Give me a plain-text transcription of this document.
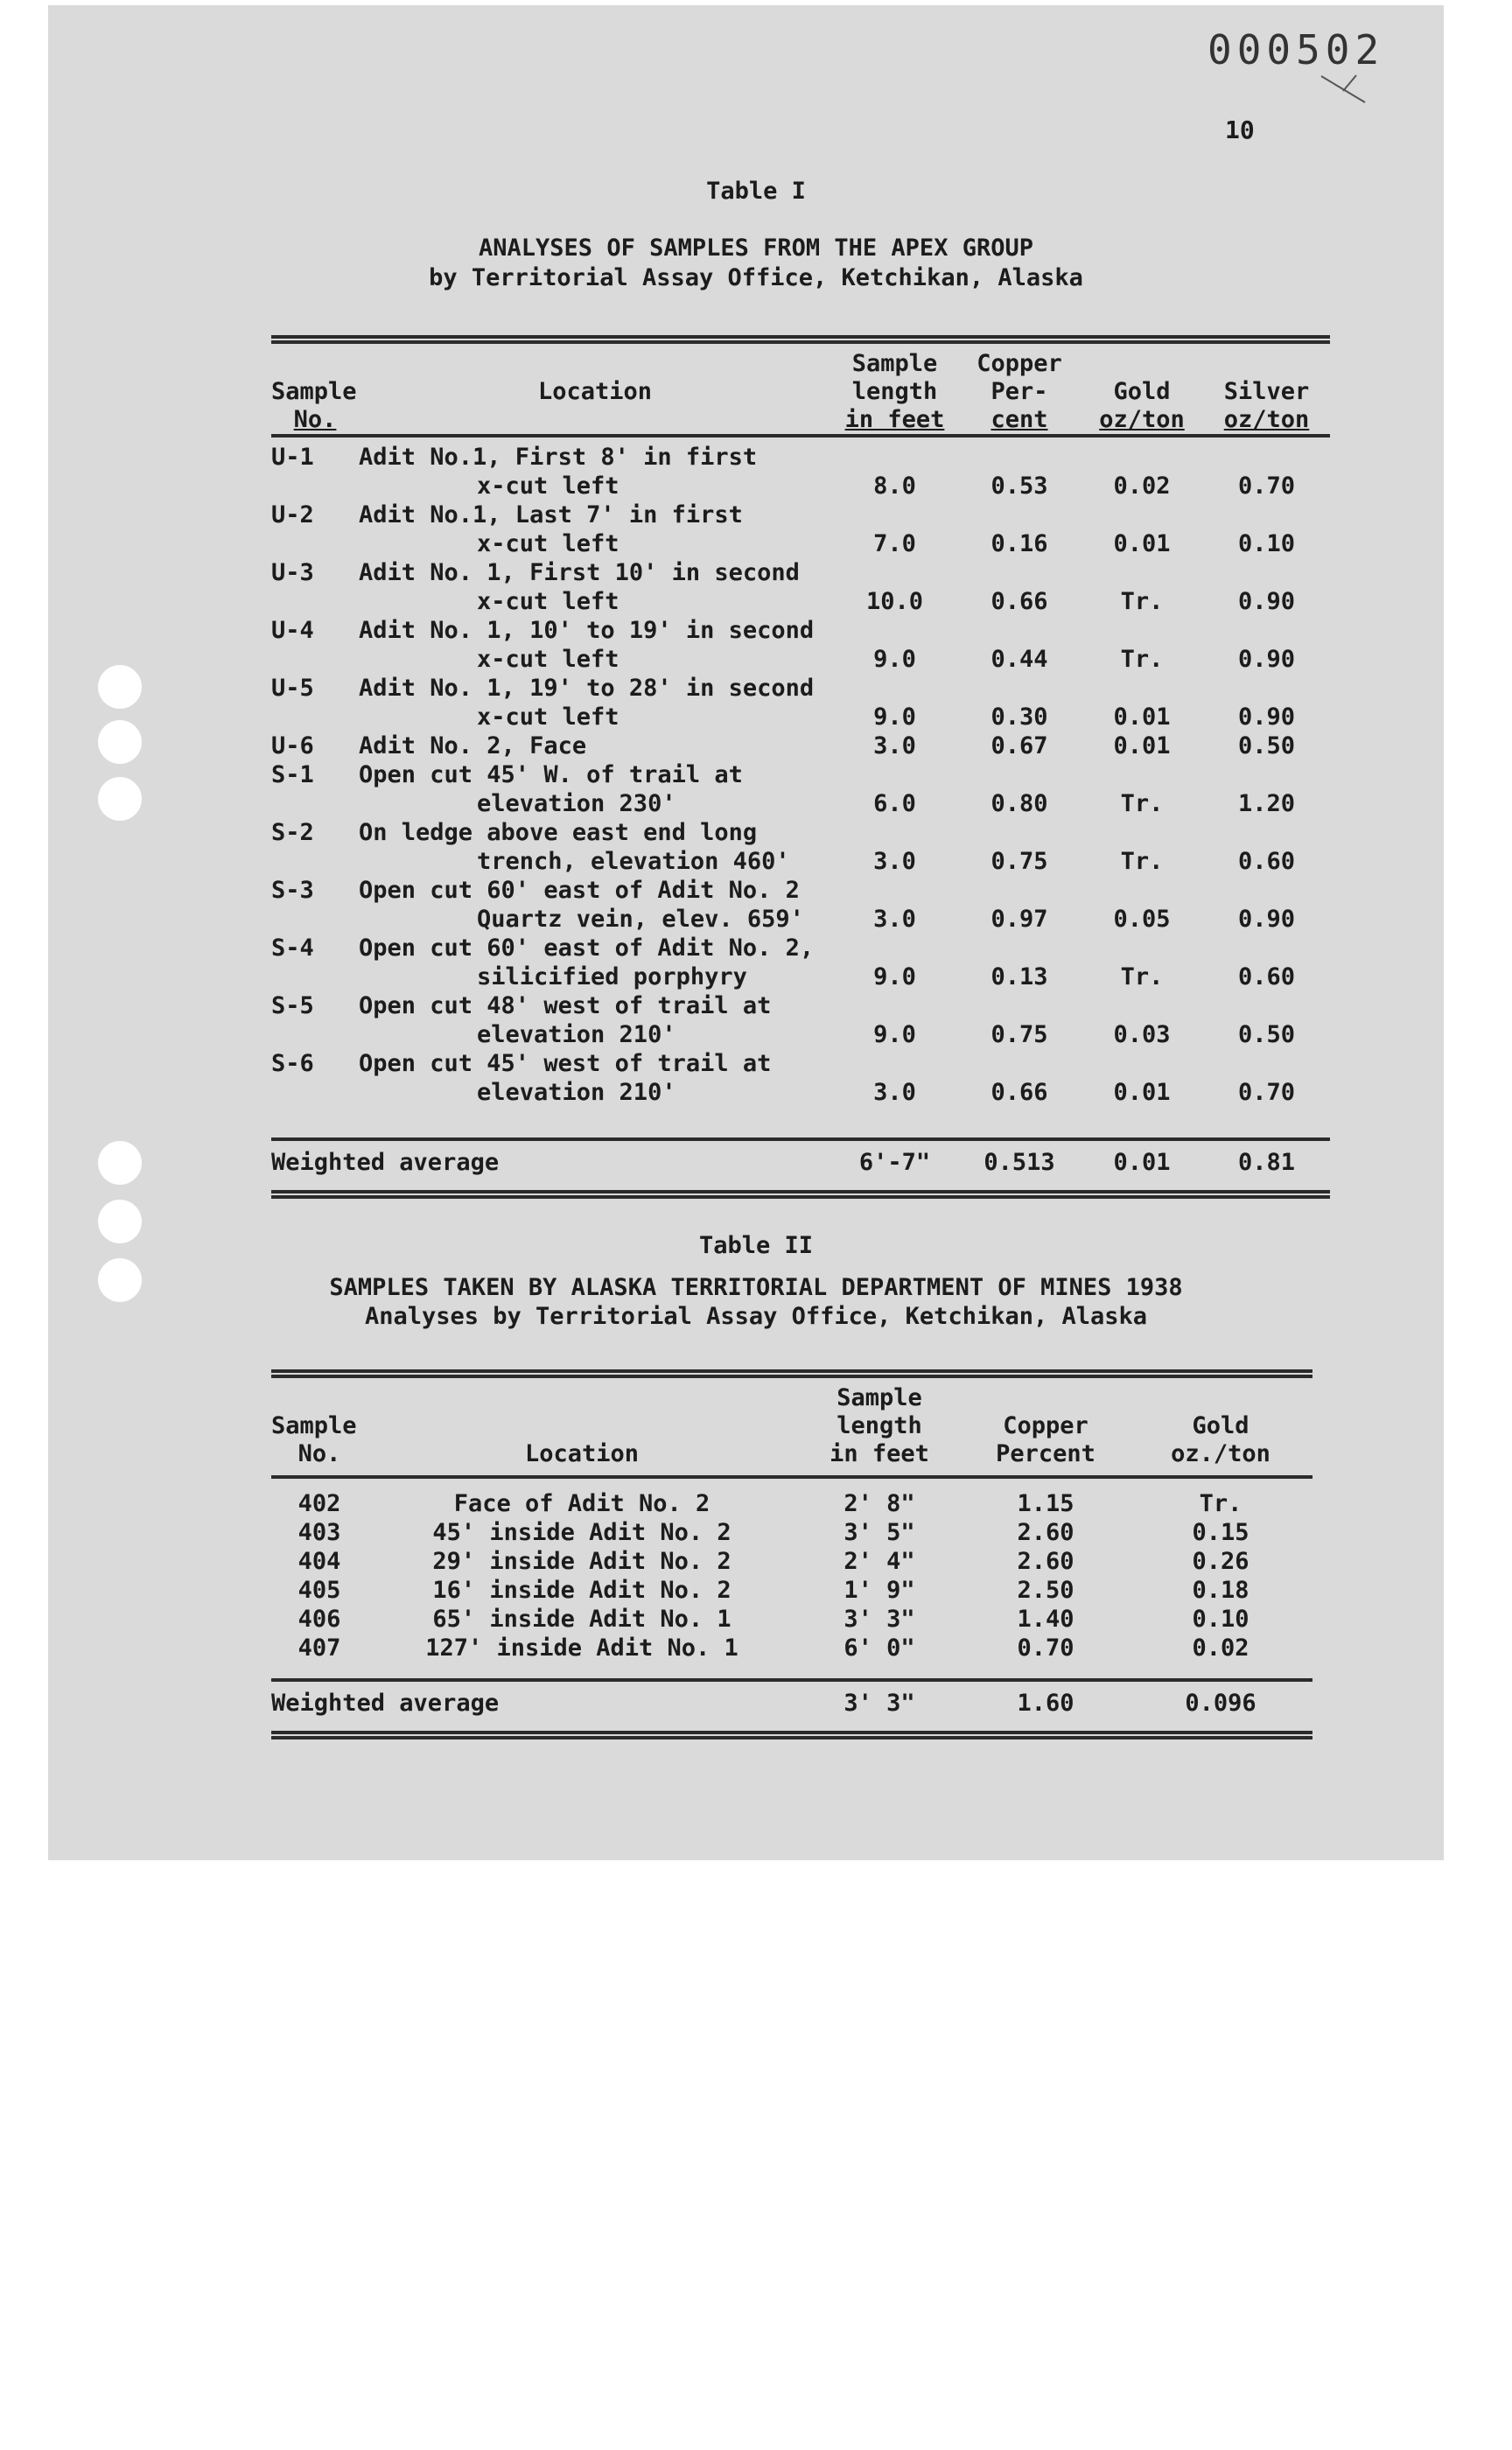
000502
10
Table I
ANALYSES OF SAMPLES FROM THE APEX GROUP
by Territorial Assay Office, Ketchikan, Alaska
		Sample	Copper		
Sample	Location	length	Per-	Gold	Silver
No.		in feet	cent	oz/ton	oz/ton
U-1	Adit No.1, First 8' in first				
	x-cut left	8.0	0.53	0.02	0.70
U-2	Adit No.1, Last 7' in first				
	x-cut left	7.0	0.16	0.01	0.10
U-3	Adit No. 1, First 10' in second				
	x-cut left	10.0	0.66	Tr.	0.90
U-4	Adit No. 1, 10' to 19' in second				
	x-cut left	9.0	0.44	Tr.	0.90
U-5	Adit No. 1, 19' to 28' in second				
	x-cut left	9.0	0.30	0.01	0.90
U-6	Adit No. 2, Face	3.0	0.67	0.01	0.50
S-1	Open cut 45' W. of trail at				
	elevation 230'	6.0	0.80	Tr.	1.20
S-2	On ledge above east end long				
	trench, elevation 460'	3.0	0.75	Tr.	0.60
S-3	Open cut 60' east of Adit No. 2				
	Quartz vein, elev. 659'	3.0	0.97	0.05	0.90
S-4	Open cut 60' east of Adit No. 2,				
	silicified porphyry	9.0	0.13	Tr.	0.60
S-5	Open cut 48' west of trail at				
	elevation 210'	9.0	0.75	0.03	0.50
S-6	Open cut 45' west of trail at				
	elevation 210'	3.0	0.66	0.01	0.70
Weighted average	6'-7"	0.513	0.01	0.81
Table II
SAMPLES TAKEN BY ALASKA TERRITORIAL DEPARTMENT OF MINES 1938
Analyses by Territorial Assay Office, Ketchikan, Alaska
		Sample		
Sample		length	Copper	Gold
No.	Location	in feet	Percent	oz./ton
402	Face of Adit No. 2	2' 8"	1.15	Tr.
403	45' inside Adit No. 2	3' 5"	2.60	0.15
404	29' inside Adit No. 2	2' 4"	2.60	0.26
405	16' inside Adit No. 2	1' 9"	2.50	0.18
406	65' inside Adit No. 1	3' 3"	1.40	0.10
407	127' inside Adit No. 1	6' 0"	0.70	0.02
Weighted average	3' 3"	1.60	0.096
